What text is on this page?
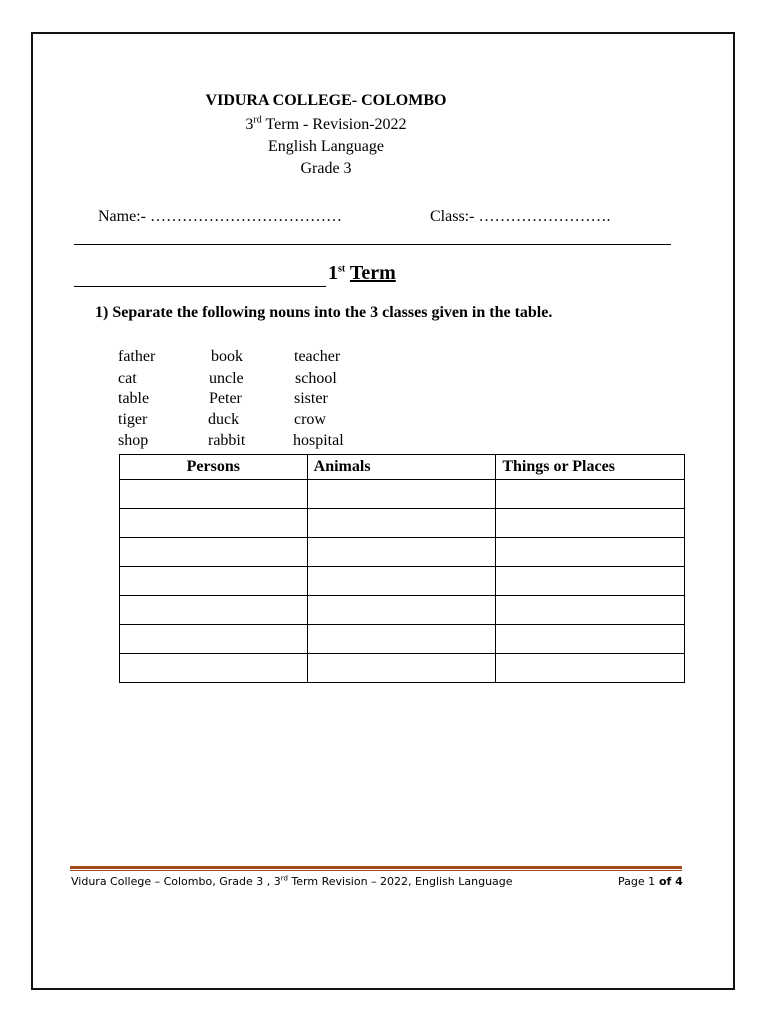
VIDURA COLLEGE- COLOMBO
3rd Term - Revision-2022
English Language
Grade 3
Name:- ………………………………	Class:- …………………….
1st Term
1) Separate the following nouns into the 3 classes given in the table.
father	book	teacher
cat	uncle	school
table	Peter	sister
tiger	duck	crow
shop	rabbit	hospital
Persons	Animals	Things or Places

Vidura College – Colombo, Grade 3 , 3rd Term Revision – 2022, English Language	Page 1 of 4
